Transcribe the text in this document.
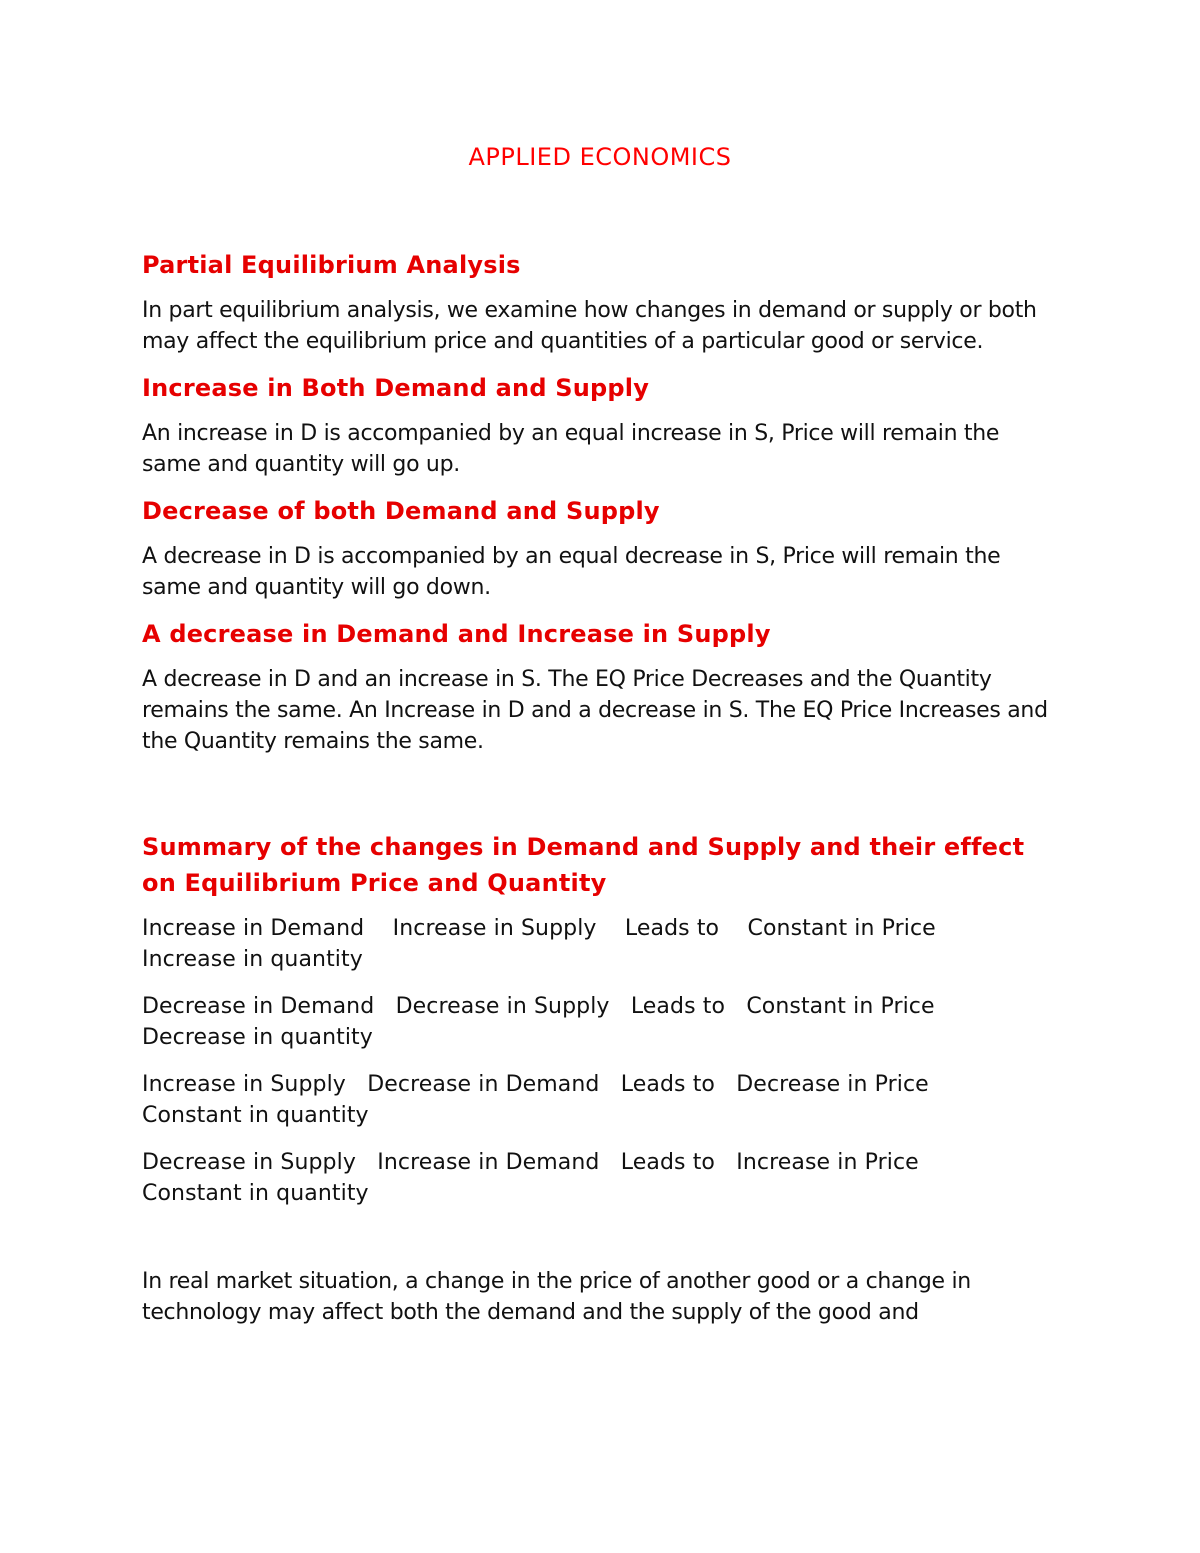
APPLIED ECONOMICS
Partial Equilibrium Analysis

In part equilibrium analysis, we examine how changes in demand or supply or both may affect the equilibrium price and quantities of a particular good or service.

Increase in Both Demand and Supply

An increase in D is accompanied by an equal increase in S, Price will remain the same and quantity will go up.

Decrease of both Demand and Supply

A decrease in D is accompanied by an equal decrease in S, Price will remain the same and quantity will go down.

A decrease in Demand and Increase in Supply

A decrease in D and an increase in S. The EQ Price Decreases and the Quantity remains the same. An Increase in D and a decrease in S. The EQ Price Increases and the Quantity remains the same.

Summary of the changes in Demand and Supply and their effect on Equilibrium Price and Quantity

Increase in Demand Increase in Supply Leads to Constant in Price
Increase in quantity

Decrease in Demand Decrease in Supply Leads to Constant in Price
Decrease in quantity

Increase in Supply Decrease in Demand Leads to Decrease in Price
Constant in quantity

Decrease in Supply Increase in Demand Leads to Increase in Price
Constant in quantity

In real market situation, a change in the price of another good or a change in technology may affect both the demand and the supply of the good and
